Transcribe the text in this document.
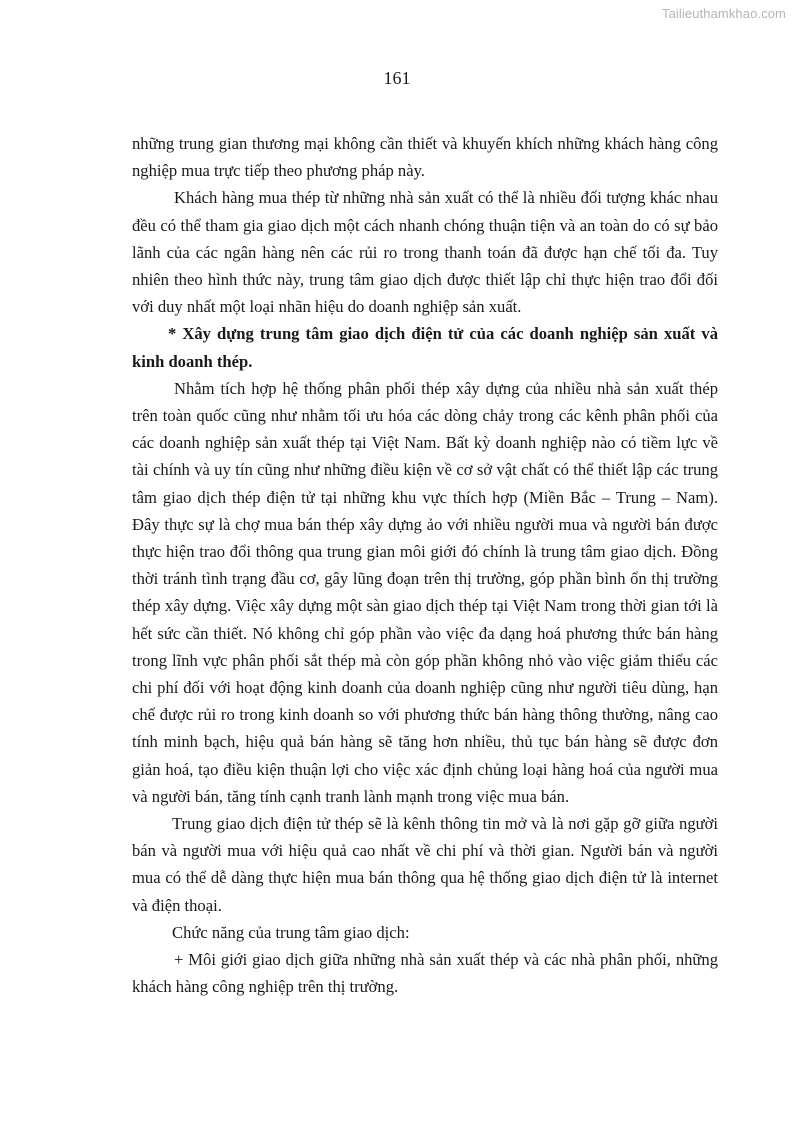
Tailieuthamkhao.com
161

những trung gian thương mại không cần thiết và khuyến khích những khách hàng công nghiệp mua trực tiếp theo phương pháp này.

Khách hàng mua thép từ những nhà sản xuất có thể là nhiều đối tượng khác nhau đều có thể tham gia giao dịch một cách nhanh chóng thuận tiện và an toàn do có sự bảo lãnh của các ngân hàng nên các rủi ro trong thanh toán đã được hạn chế tối đa. Tuy nhiên theo hình thức này, trung tâm giao dịch được thiết lập chỉ thực hiện trao đổi đối với duy nhất một loại nhãn hiệu do doanh nghiệp sản xuất.

* Xây dựng trung tâm giao dịch điện tử của các doanh nghiệp sản xuất và kinh doanh thép.

Nhằm tích hợp hệ thống phân phối thép xây dựng của nhiều nhà sản xuất thép trên toàn quốc cũng như nhằm tối ưu hóa các dòng chảy trong các kênh phân phối của các doanh nghiệp sản xuất thép tại Việt Nam. Bất kỳ doanh nghiệp nào có tiềm lực về tài chính và uy tín cũng như những điều kiện về cơ sở vật chất có thể thiết lập các trung tâm giao dịch thép điện tử tại những khu vực thích hợp (Miền Bắc – Trung – Nam). Đây thực sự là chợ mua bán thép xây dựng ảo với nhiều người mua và người bán được thực hiện trao đổi thông qua trung gian môi giới đó chính là trung tâm giao dịch. Đồng thời tránh tình trạng đầu cơ, gây lũng đoạn trên thị trường, góp phần bình ổn thị trường thép xây dựng. Việc xây dựng một sàn giao dịch thép tại Việt Nam trong thời gian tới là hết sức cần thiết. Nó không chỉ góp phần vào việc đa dạng hoá phương thức bán hàng trong lĩnh vực phân phối sắt thép mà còn góp phần không nhỏ vào việc giảm thiểu các chi phí đối với hoạt động kinh doanh của doanh nghiệp cũng như người tiêu dùng, hạn chế được rủi ro trong kinh doanh so với phương thức bán hàng thông thường, nâng cao tính minh bạch, hiệu quả bán hàng sẽ tăng hơn nhiều, thủ tục bán hàng sẽ được đơn giản hoá, tạo điều kiện thuận lợi cho việc xác định chủng loại hàng hoá của người mua và người bán, tăng tính cạnh tranh lành mạnh trong việc mua bán.

Trung giao dịch điện tử thép sẽ là kênh thông tin mở và là nơi gặp gỡ giữa người bán và người mua với hiệu quả cao nhất về chi phí và thời gian. Người bán và người mua có thể dễ dàng thực hiện mua bán thông qua hệ thống giao dịch điện tử là internet và điện thoại.

Chức năng của trung tâm giao dịch:

+ Môi giới giao dịch giữa những nhà sản xuất thép và các nhà phân phối, những khách hàng công nghiệp trên thị trường.
